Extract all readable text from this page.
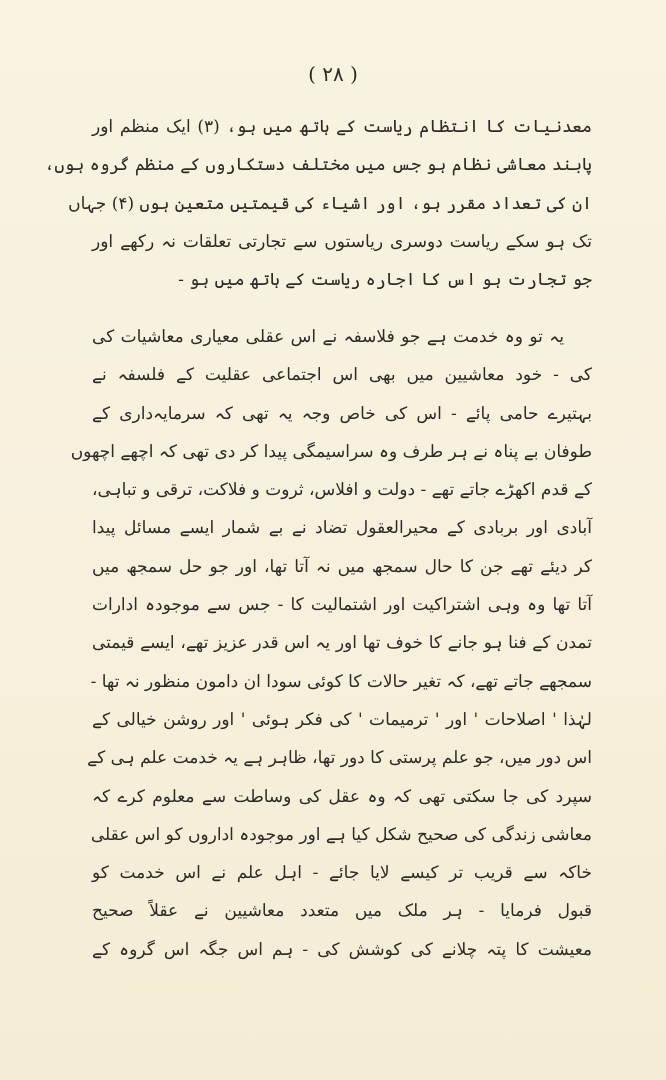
( ۲۸ )
معدنیات کا انتظام ریاست کے ہاتھ میں ہو، (۳) ایک منظم اور
پابند معاشی نظام ہو جس میں مختلف دستکاروں کے منظم گروہ ہوں،
ان کی تعداد مقرر ہو، اور اشیاء کی قیمتیں متعین ہوں (۴) جہاں
تک ہو سکے ریاست دوسری ریاستوں سے تجارتی تعلقات نہ رکھے اور
جو تجارت ہو اس کا اجارہ ریاست کے ہاتھ میں ہو -
یہ تو وہ خدمت ہے جو فلاسفہ نے اس عقلی معیاری معاشیات کی
کی - خود معاشیین میں بھی اس اجتماعی عقلیت کے فلسفہ نے
بہتیرے حامی پائے - اس کی خاص وجہ یہ تھی کہ سرمایہ‌داری کے
طوفان بے پناہ نے ہر طرف وہ سراسیمگی پیدا کر دی تھی کہ اچھے اچھوں
کے قدم اکھڑے جاتے تھے - دولت و افلاس، ثروت و فلاکت، ترقی و تباہی،
آبادی اور بربادی کے محیرالعقول تضاد نے بے شمار ایسے مسائل پیدا
کر دیئے تھے جن کا حال سمجھ میں نہ آتا تھا، اور جو حل سمجھ میں
آتا تھا وہ وہی اشتراکیت اور اشتمالیت کا - جس سے موجودہ ادارات
تمدن کے فنا ہو جانے کا خوف تھا اور یہ اس قدر عزیز تھے، ایسے قیمتی
سمجھے جاتے تھے، کہ تغیر حالات کا کوئی سودا ان دامون منظور نہ تھا -
لہٰذا ' اصلاحات ' اور ' ترمیمات ' کی فکر ہوئی ' اور روشن خیالی کے
اس دور میں، جو علم پرستی کا دور تھا، ظاہر ہے یہ خدمت علم ہی کے
سپرد کی جا سکتی تھی کہ وہ عقل کی وساطت سے معلوم کرے کہ
معاشی زندگی کی صحیح شکل کیا ہے اور موجودہ اداروں کو اس عقلی
خاکہ سے قریب تر کیسے لایا جائے - اہل علم نے اس خدمت کو
قبول فرمایا - ہر ملک میں متعدد معاشیین نے عقلاً صحیح
معیشت کا پتہ چلانے کی کوشش کی - ہم اس جگہ اس گروہ کے
